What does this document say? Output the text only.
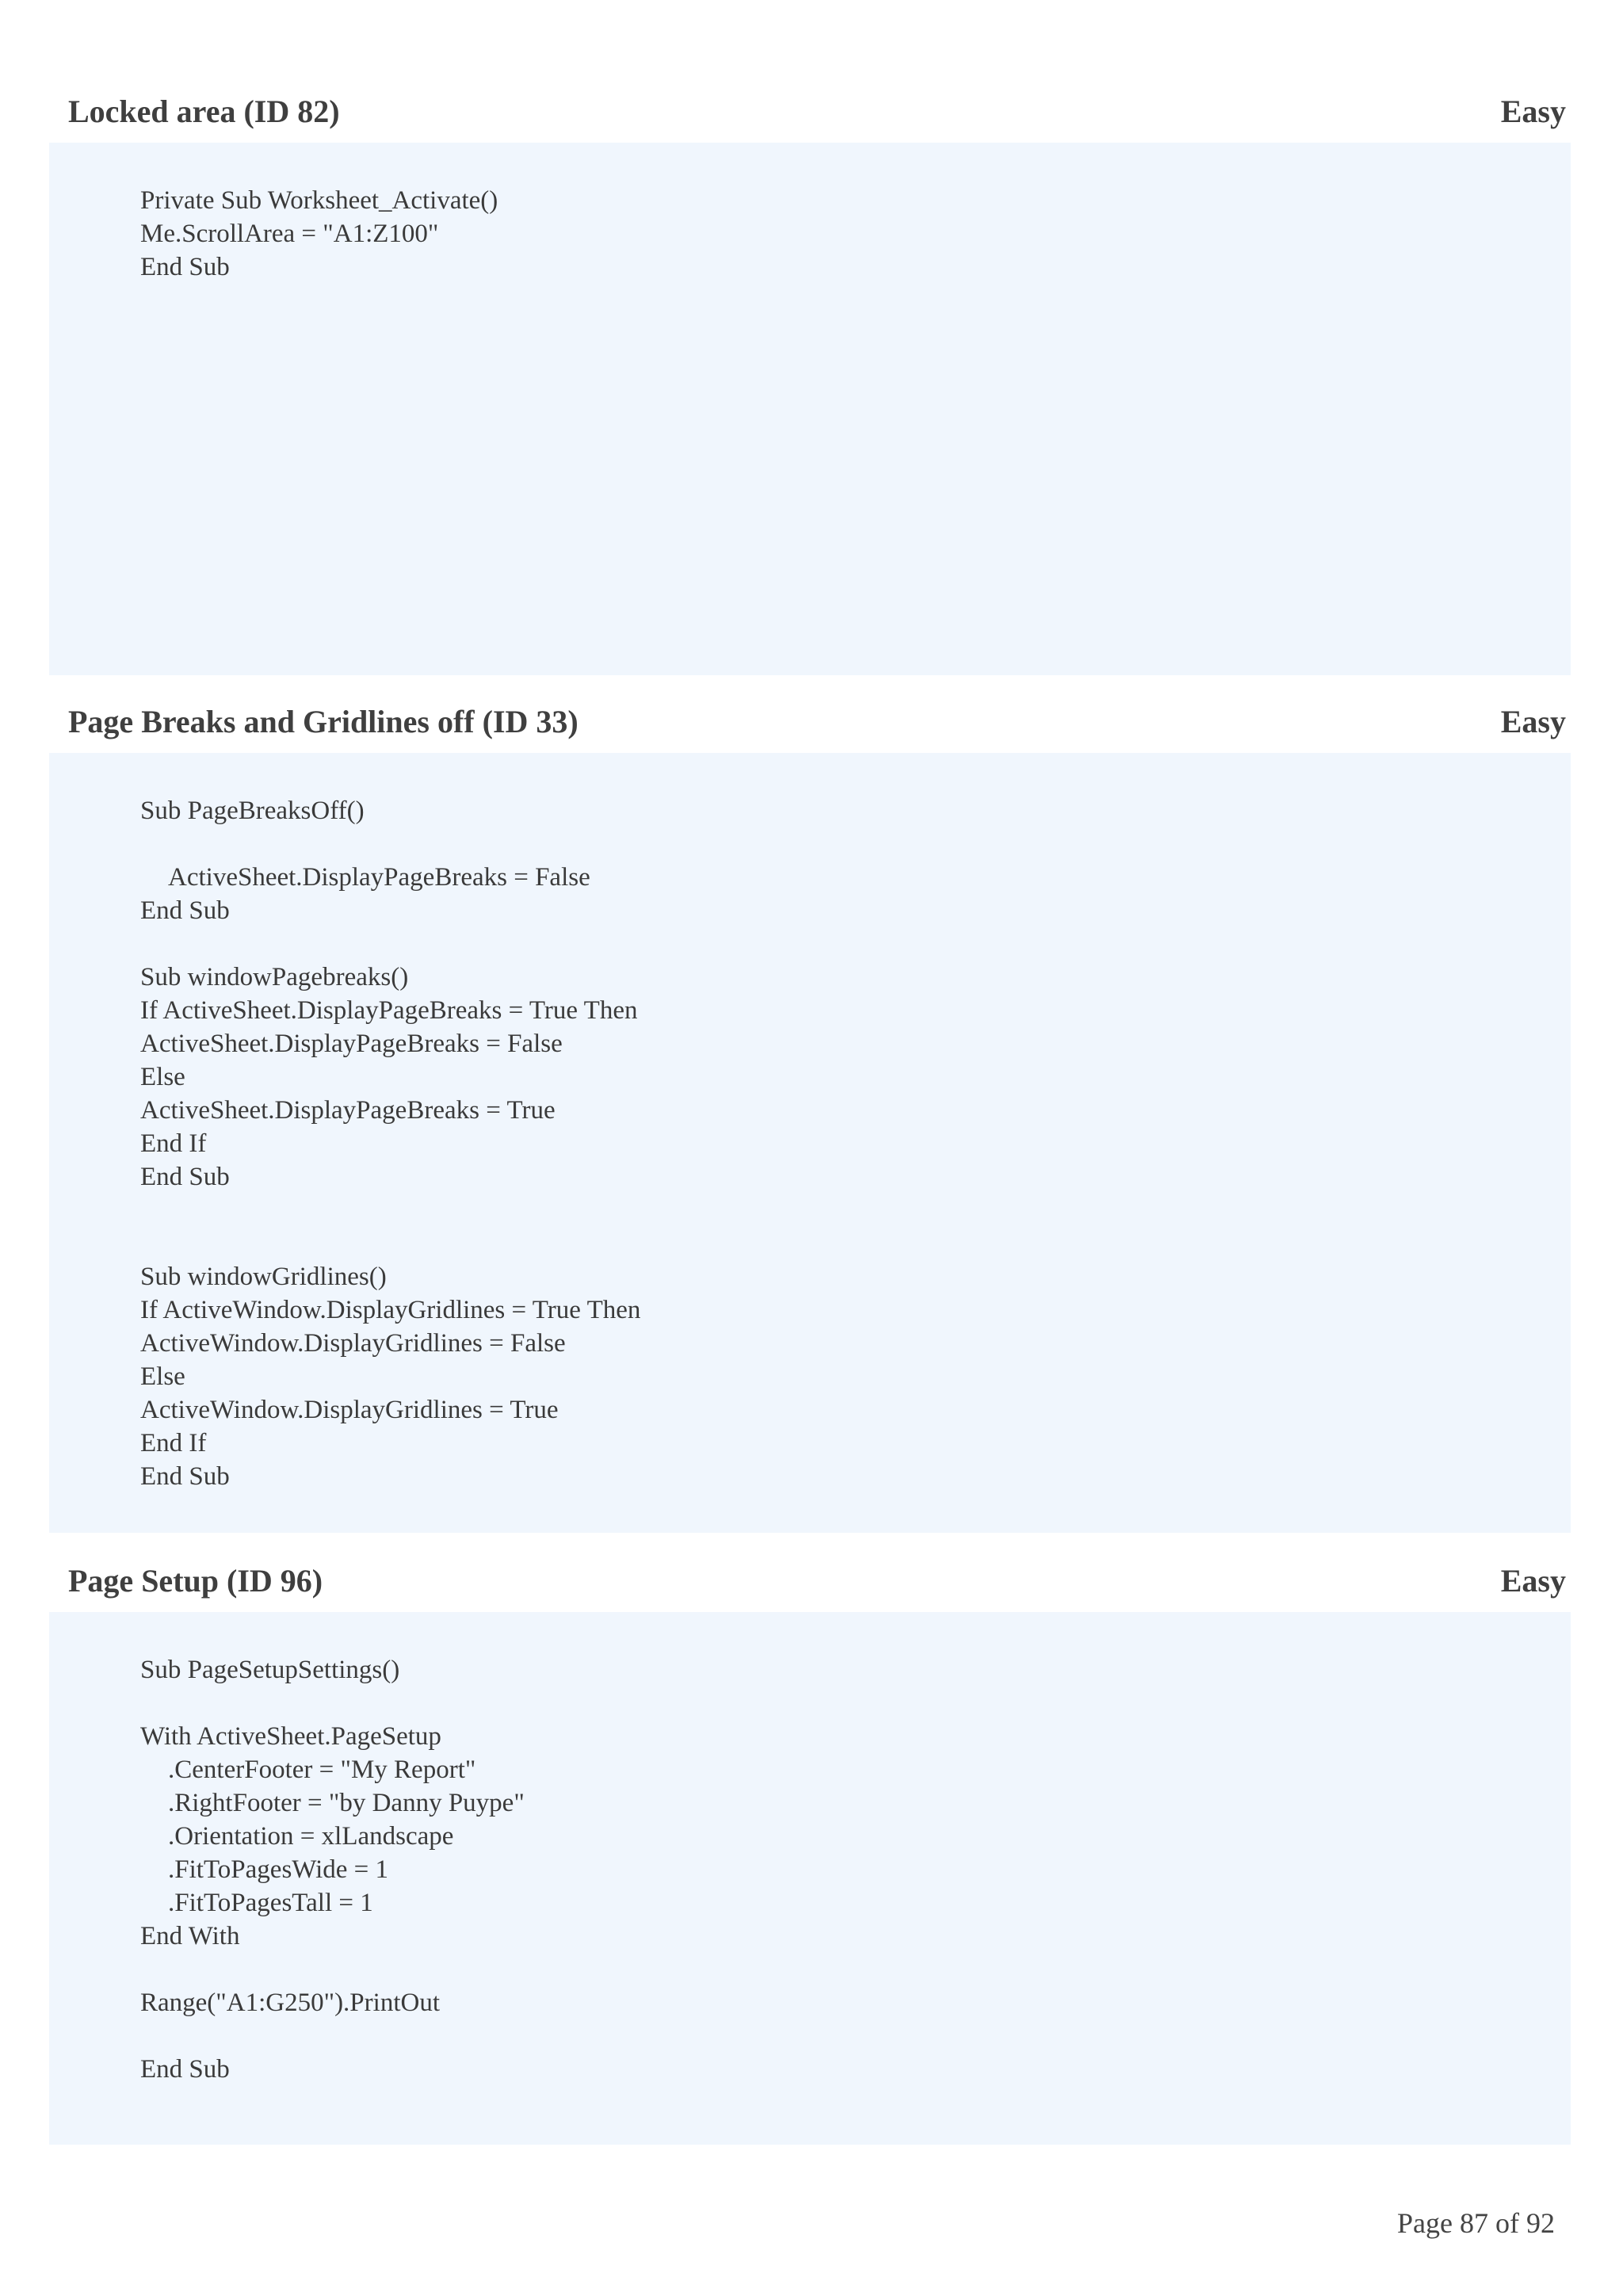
Locked area (ID 82)	Easy
Private Sub Worksheet_Activate()
Me.ScrollArea = "A1:Z100"
End Sub
Page Breaks and Gridlines off (ID 33)	Easy
Sub PageBreaksOff()
ActiveSheet.DisplayPageBreaks = False
End Sub
Sub windowPagebreaks()
If ActiveSheet.DisplayPageBreaks = True Then
ActiveSheet.DisplayPageBreaks = False
Else
ActiveSheet.DisplayPageBreaks = True
End If
End Sub
Sub windowGridlines()
If ActiveWindow.DisplayGridlines = True Then
ActiveWindow.DisplayGridlines = False
Else
ActiveWindow.DisplayGridlines = True
End If
End Sub
Page Setup (ID 96)	Easy
Sub PageSetupSettings()
With ActiveSheet.PageSetup
.CenterFooter = "My Report"
.RightFooter = "by Danny Puype"
.Orientation = xlLandscape
.FitToPagesWide = 1
.FitToPagesTall = 1
End With
Range("A1:G250").PrintOut
End Sub
Page 87 of 92
